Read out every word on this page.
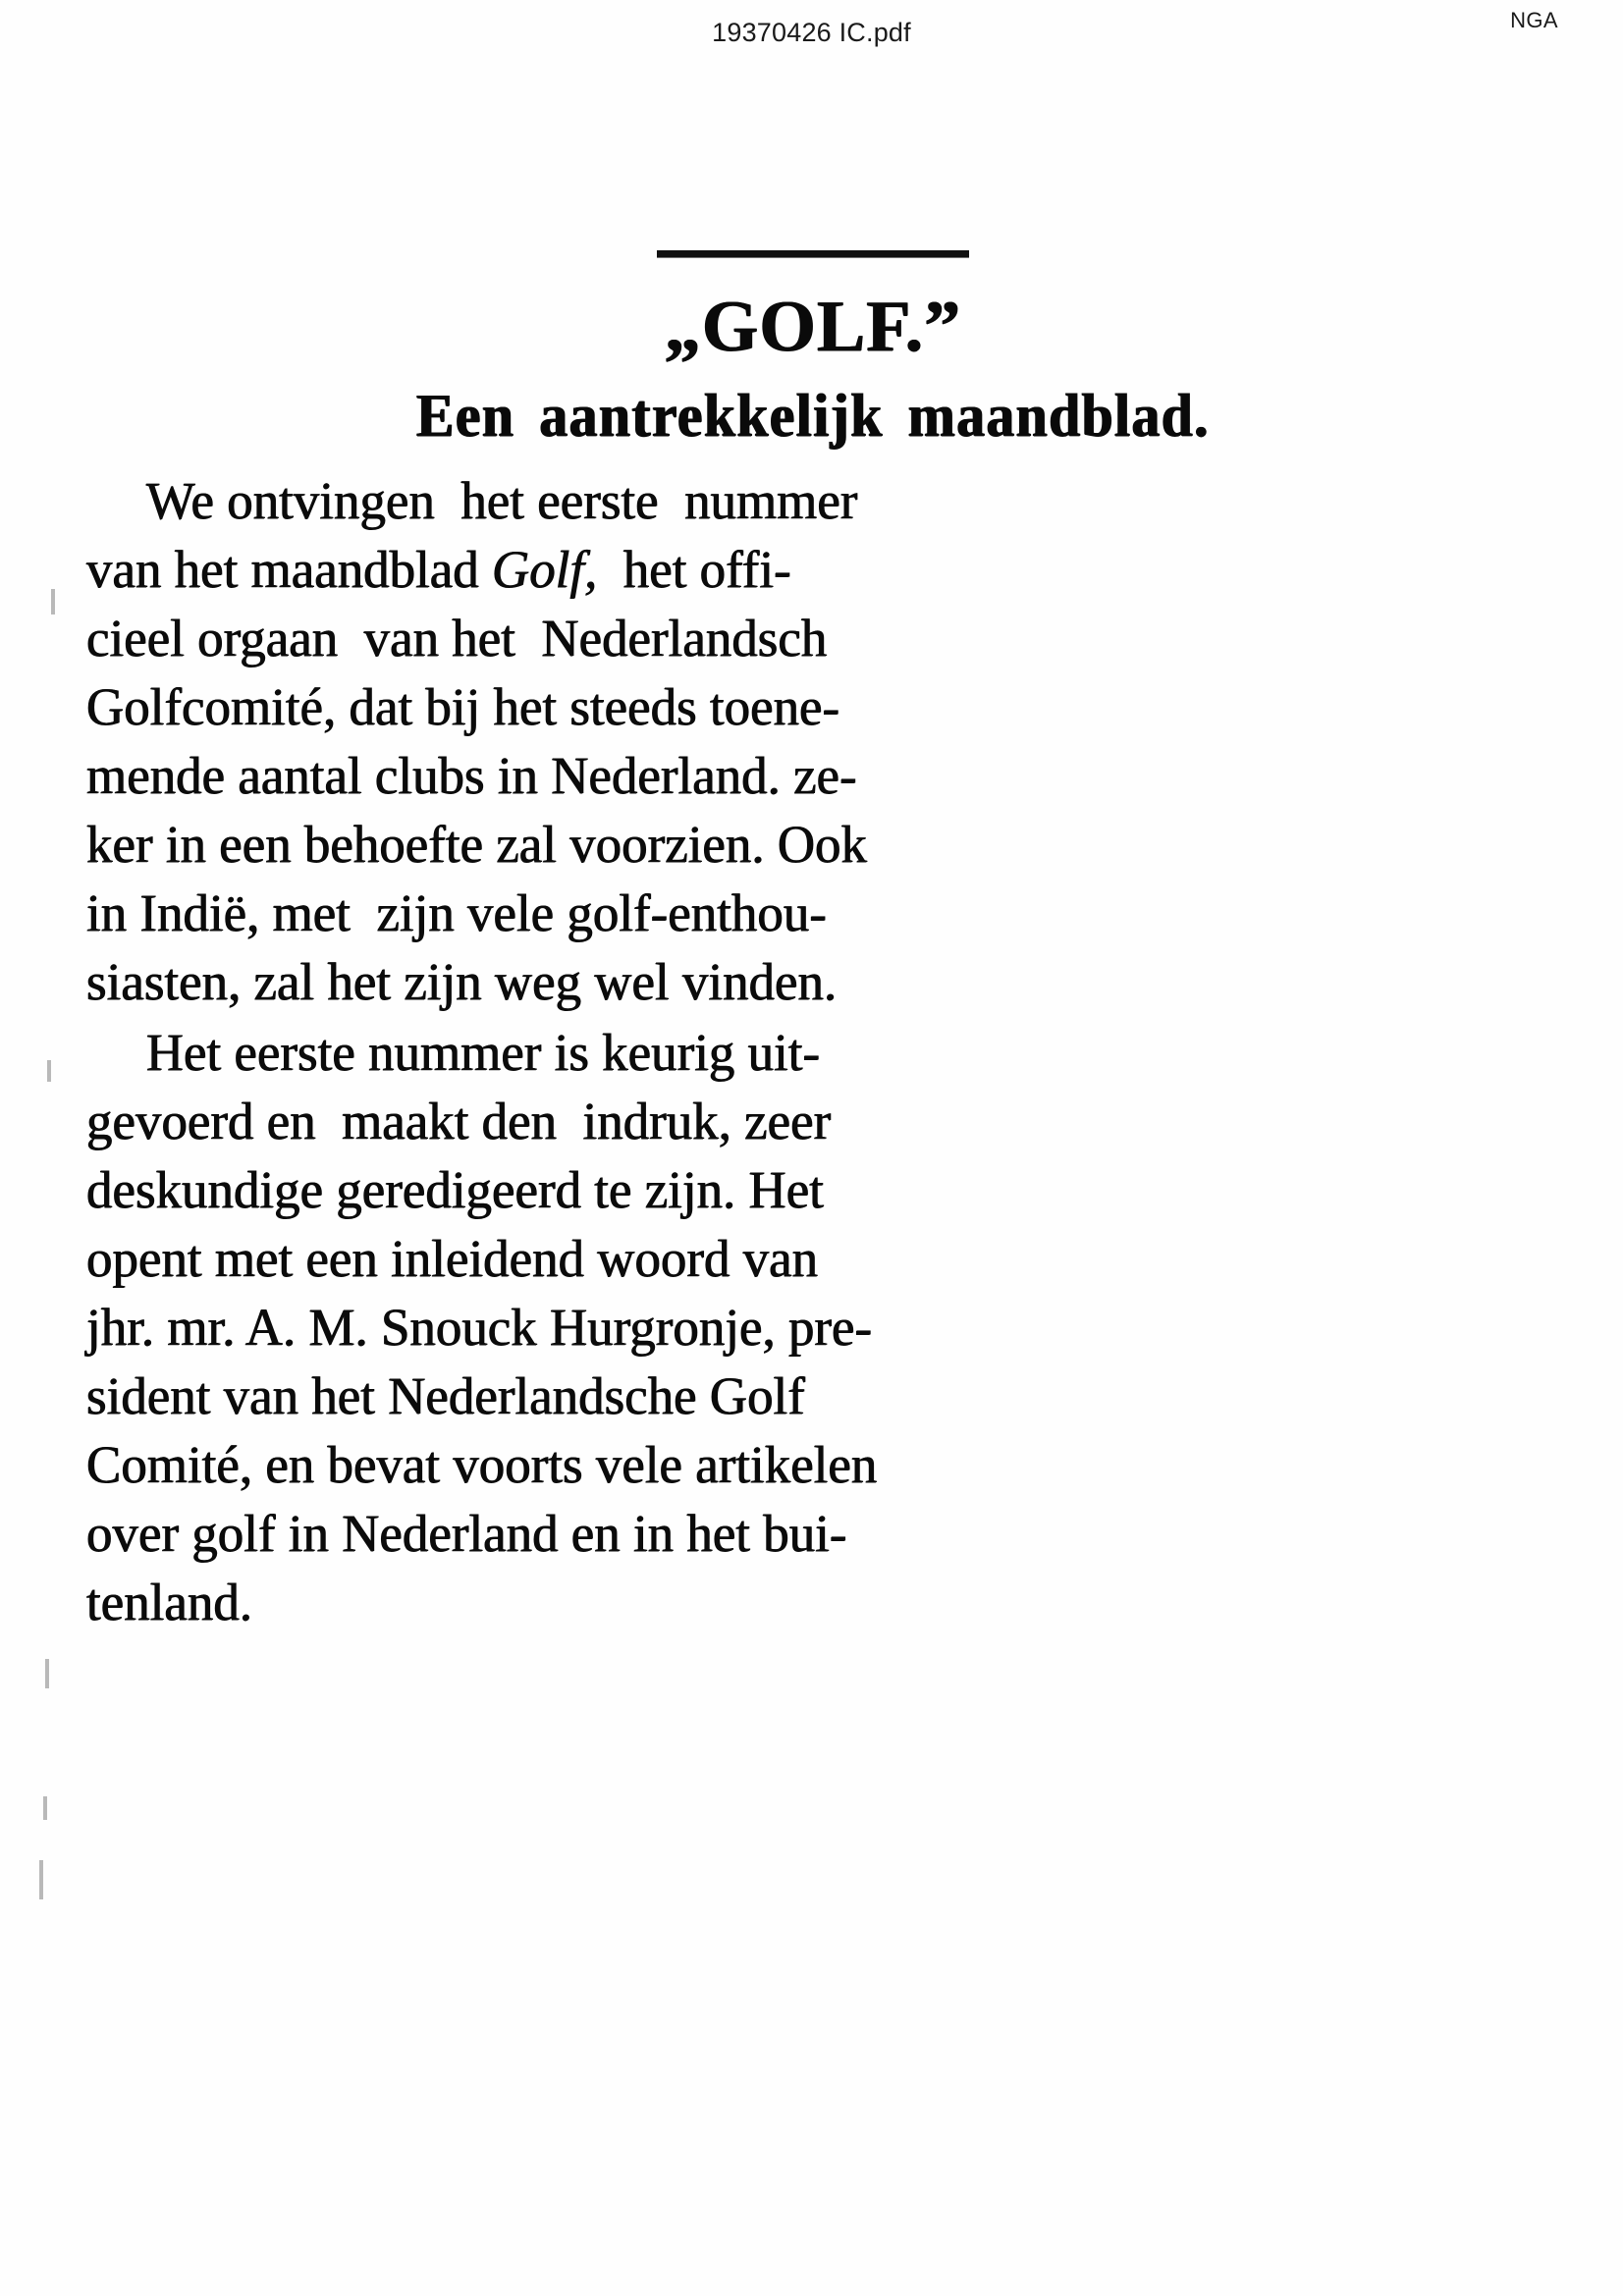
19370426 IC.pdf	NGA
„GOLF.”
Een aantrekkelijk maandblad.

We ontvingen  het eerste  nummer
van het maandblad Golf,  het offi-
cieel orgaan  van het  Nederlandsch
Golfcomité, dat bij het steeds toene-
mende aantal clubs in Nederland. ze-
ker in een behoefte zal voorzien. Ook
in Indië, met  zijn vele golf-enthou-
siasten, zal het zijn weg wel vinden.

Het eerste nummer is keurig uit-
gevoerd en  maakt den  indruk, zeer
deskundige geredigeerd te zijn. Het
opent met een inleidend woord van
jhr. mr. A. M. Snouck Hurgronje, pre-
sident van het Nederlandsche Golf
Comité, en bevat voorts vele artikelen
over golf in Nederland en in het bui-
tenland.
